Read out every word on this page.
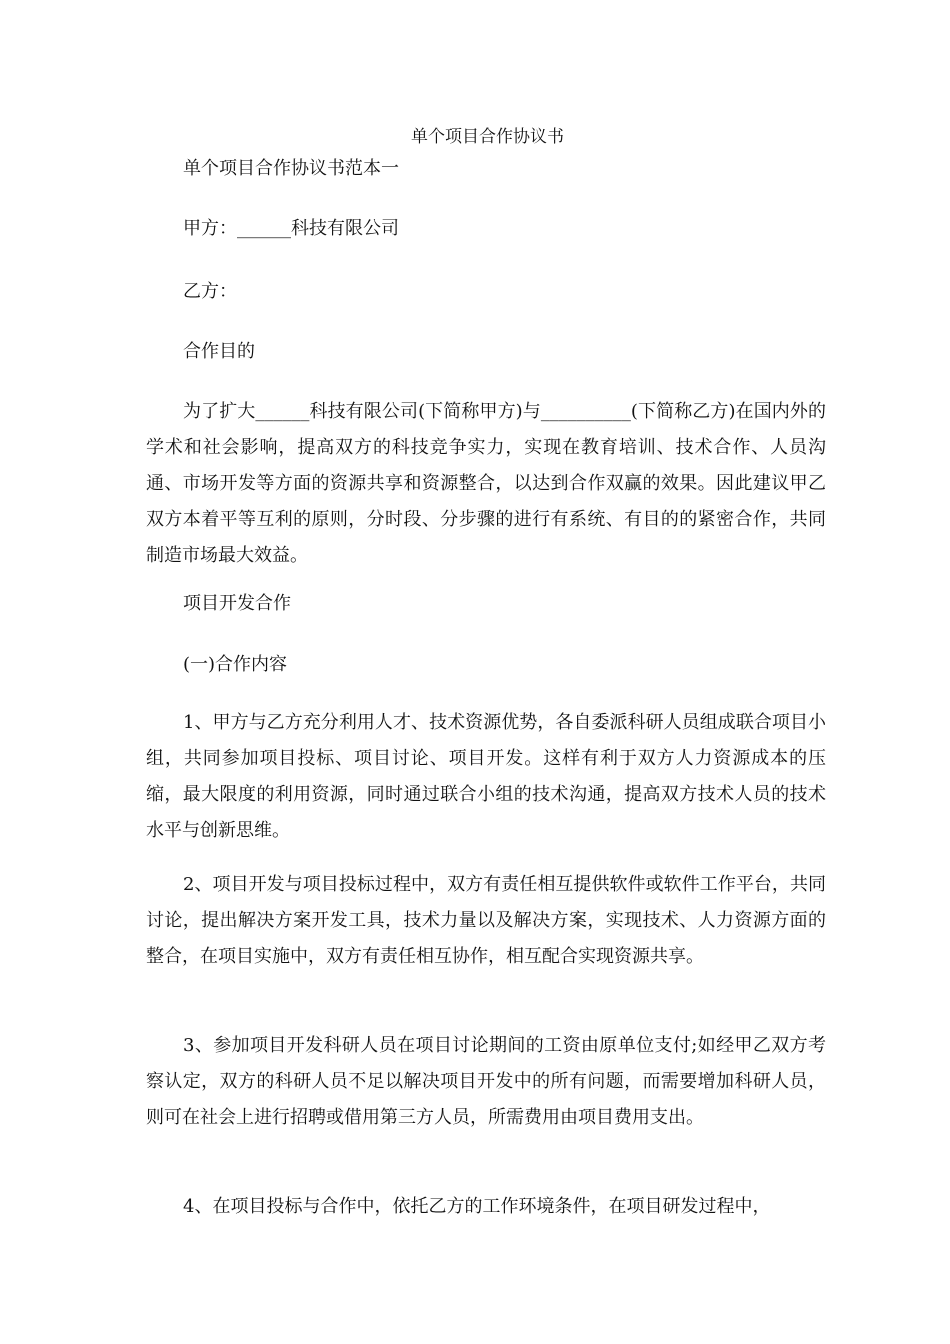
单个项目合作协议书

单个项目合作协议书范本一

甲方：______科技有限公司

乙方：

合作目的

为了扩大______科技有限公司(下简称甲方)与__________(下简称乙方)在国内外的学术和社会影响，提高双方的科技竞争实力，实现在教育培训、技术合作、人员沟通、市场开发等方面的资源共享和资源整合，以达到合作双赢的效果。因此建议甲乙双方本着平等互利的原则，分时段、分步骤的进行有系统、有目的的紧密合作，共同制造市场最大效益。

项目开发合作

(一)合作内容

1、甲方与乙方充分利用人才、技术资源优势，各自委派科研人员组成联合项目小组，共同参加项目投标、项目讨论、项目开发。这样有利于双方人力资源成本的压缩，最大限度的利用资源，同时通过联合小组的技术沟通，提高双方技术人员的技术水平与创新思维。

2、项目开发与项目投标过程中，双方有责任相互提供软件或软件工作平台，共同讨论，提出解决方案开发工具，技术力量以及解决方案，实现技术、人力资源方面的整合，在项目实施中，双方有责任相互协作，相互配合实现资源共享。

3、参加项目开发科研人员在项目讨论期间的工资由原单位支付;如经甲乙双方考察认定，双方的科研人员不足以解决项目开发中的所有问题，而需要增加科研人员，则可在社会上进行招聘或借用第三方人员，所需费用由项目费用支出。

4、在项目投标与合作中，依托乙方的工作环境条件，在项目研发过程中，
